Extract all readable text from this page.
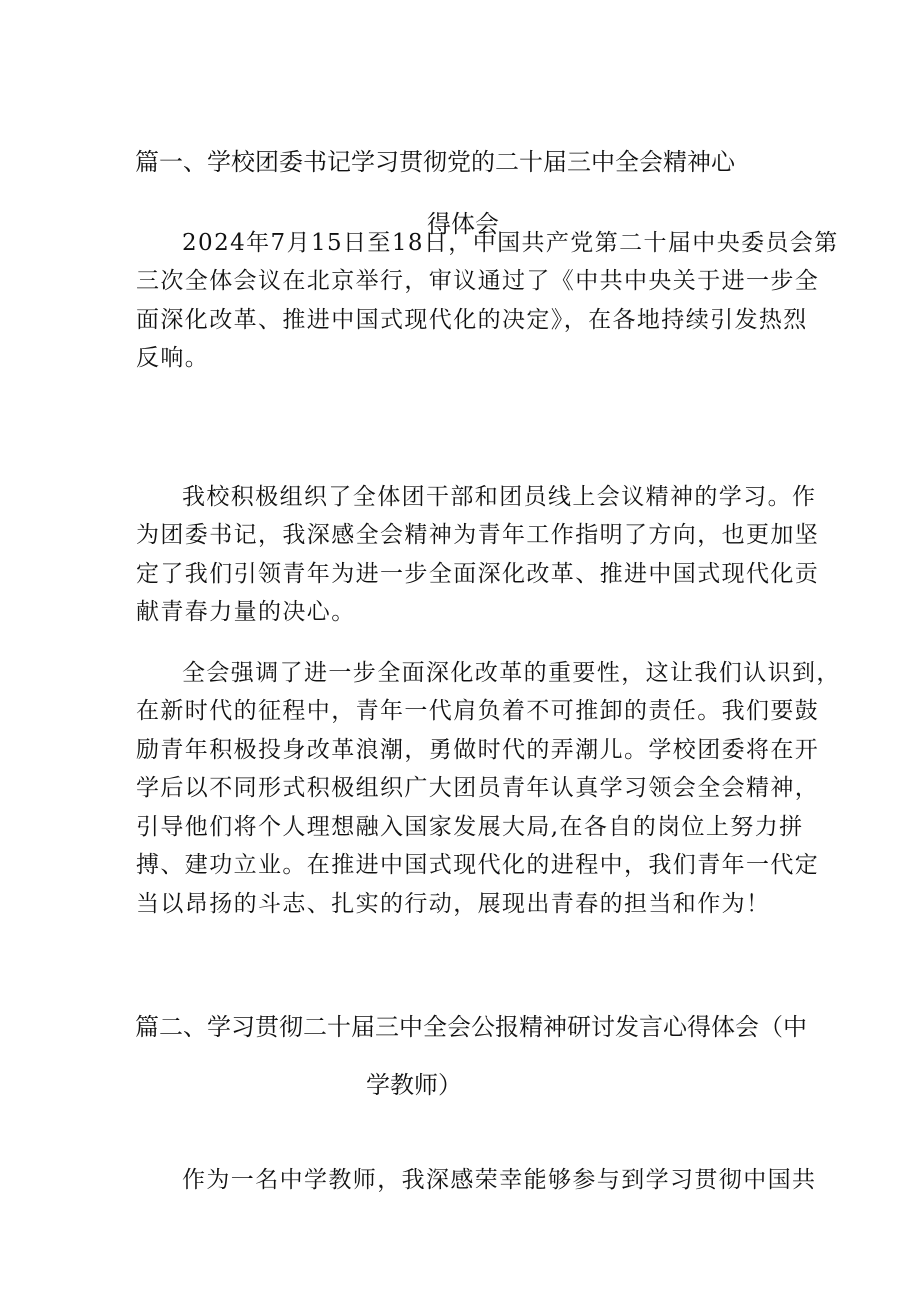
篇一、学校团委书记学习贯彻党的二十届三中全会精神心
得体会
2024年7月15日至18日，中国共产党第二十届中央委员会第
三次全体会议在北京举行，审议通过了《中共中央关于进一步全
面深化改革、推进中国式现代化的决定》，在各地持续引发热烈
反响。
我校积极组织了全体团干部和团员线上会议精神的学习。作
为团委书记，我深感全会精神为青年工作指明了方向，也更加坚
定了我们引领青年为进一步全面深化改革、推进中国式现代化贡
献青春力量的决心。
全会强调了进一步全面深化改革的重要性，这让我们认识到，
在新时代的征程中，青年一代肩负着不可推卸的责任。我们要鼓
励青年积极投身改革浪潮，勇做时代的弄潮儿。学校团委将在开
学后以不同形式积极组织广大团员青年认真学习领会全会精神，
引导他们将个人理想融入国家发展大局,在各自的岗位上努力拼
搏、建功立业。在推进中国式现代化的进程中，我们青年一代定
当以昂扬的斗志、扎实的行动，展现出青春的担当和作为！
篇二、学习贯彻二十届三中全会公报精神研讨发言心得体会（中
学教师）
作为一名中学教师，我深感荣幸能够参与到学习贯彻中国共
